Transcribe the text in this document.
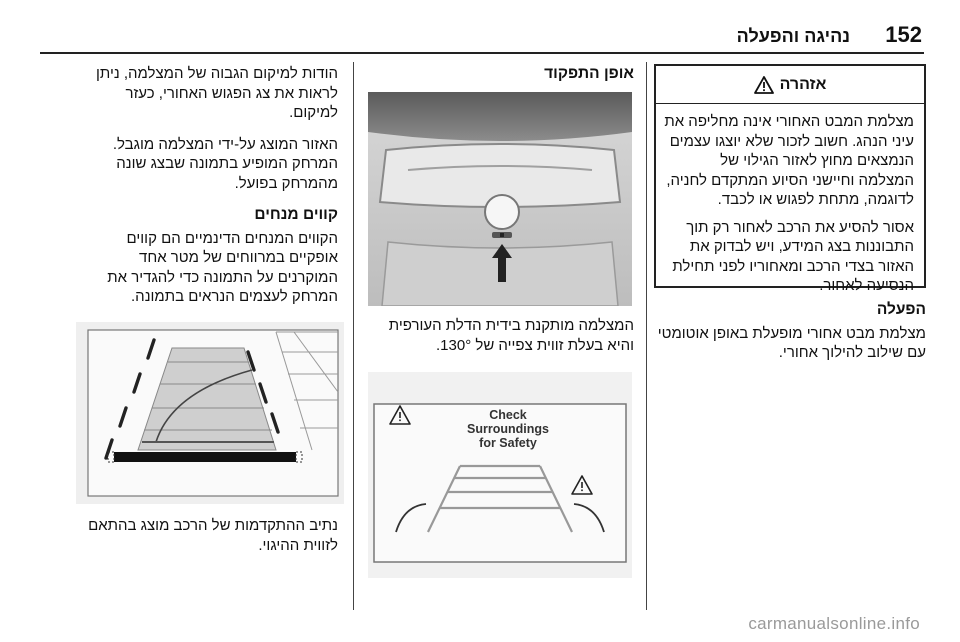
152
נהיגה והפעלה
אזהרה

מצלמת המבט האחורי אינה מחליפה את עיני הנהג. חשוב לזכור שלא יוצגו עצמים הנמצאים מחוץ לאזור הגילוי של המצלמה וחיישני הסיוע המתקדם לחניה, לדוגמה, מתחת לפגוש או לכבד.

אסור להסיע את הרכב לאחור רק תוך התבוננות בצג המידע, ויש לבדוק את האזור בצדי הרכב ומאחוריו לפני תחילת הנסיעה לאחור.

הפעלה

מצלמת מבט אחורי מופעלת באופן אוטומטי עם שילוב להילוך אחורי.

אופן התפקוד

המצלמה מותקנת בידית הדלת העורפית והיא בעלת זווית צפייה של 130°.

Check Surroundings
for Safety

הודות למיקום הגבוה של המצלמה, ניתן לראות את צג הפגוש האחורי, כעזר למיקום.

האזור המוצג על-ידי המצלמה מוגבל. המרחק המופיע בתמונה שבצג שונה מהמרחק בפועל.

קווים מנחים

הקווים המנחים הדינמיים הם קווים אופקיים במרווחים של מטר אחד המוקרנים על התמונה כדי להגדיר את המרחק לעצמים הנראים בתמונה.

נתיב ההתקדמות של הרכב מוצג בהתאם לזווית ההיגוי.

carmanualsonline.info
